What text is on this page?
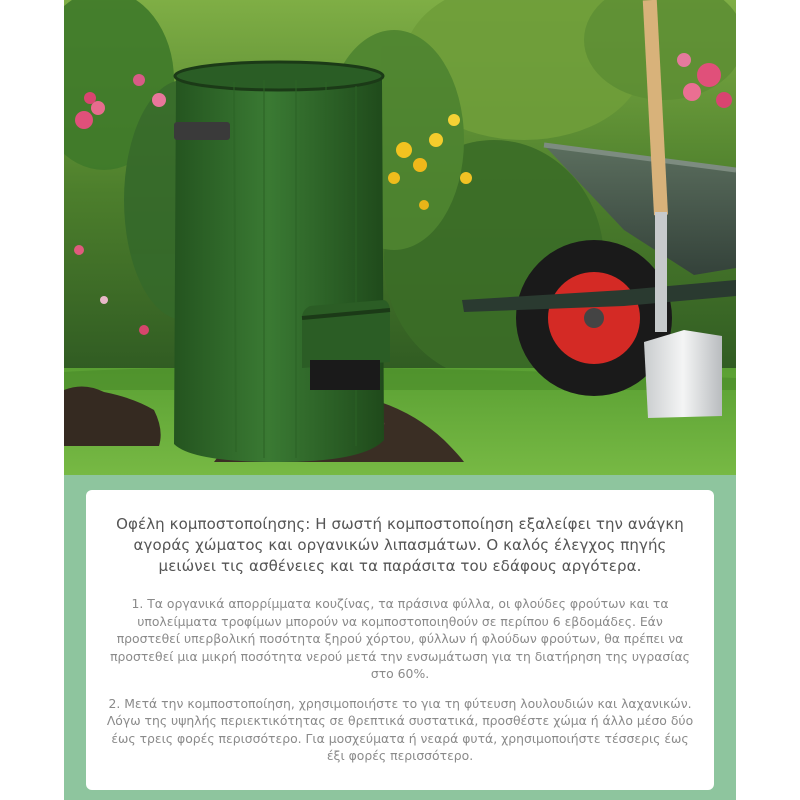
Οφέλη κομποστοποίησης: Η σωστή κομποστοποίηση εξαλείφει την ανάγκη αγοράς χώματος και οργανικών λιπασμάτων. Ο καλός έλεγχος πηγής μειώνει τις ασθένειες και τα παράσιτα του εδάφους αργότερα.

1. Τα οργανικά απορρίμματα κουζίνας, τα πράσινα φύλλα, οι φλούδες φρούτων και τα υπολείμματα τροφίμων μπορούν να κομποστοποιηθούν σε περίπου 6 εβδομάδες. Εάν προστεθεί υπερβολική ποσότητα ξηρού χόρτου, φύλλων ή φλούδων φρούτων, θα πρέπει να προστεθεί μια μικρή ποσότητα νερού μετά την ενσωμάτωση για τη διατήρηση της υγρασίας στο 60%.

2. Μετά την κομποστοποίηση, χρησιμοποιήστε το για τη φύτευση λουλουδιών και λαχανικών. Λόγω της υψηλής περιεκτικότητας σε θρεπτικά συστατικά, προσθέστε χώμα ή άλλο μέσο δύο έως τρεις φορές περισσότερο. Για μοσχεύματα ή νεαρά φυτά, χρησιμοποιήστε τέσσερις έως έξι φορές περισσότερο.
